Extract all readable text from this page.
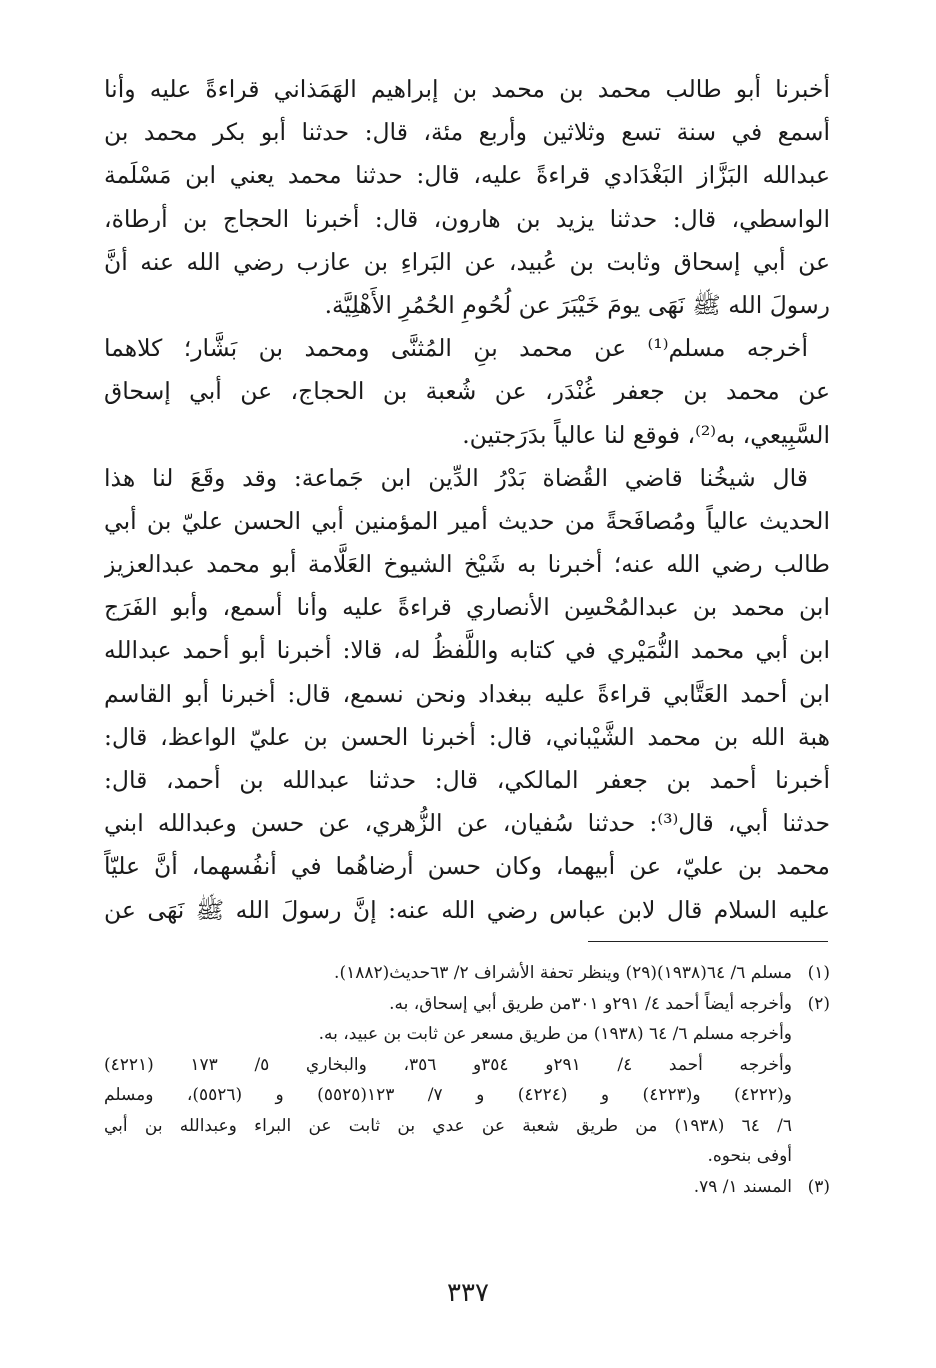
أخبرنا أبو طالب محمد بن محمد بن إبراهيم الهَمَذاني قراءةً عليه وأنا
أسمع في سنة تسع وثلاثين وأربع مئة، قال: حدثنا أبو بكر محمد بن
عبدالله البَزَّاز البَغْدَادي قراءةً عليه، قال: حدثنا محمد يعني ابن مَسْلَمة
الواسطي، قال: حدثنا يزيد بن هارون، قال: أخبرنا الحجاج بن أرطاة،
عن أبي إسحاق وثابت بن عُبيد، عن البَراءِ بن عازب رضي الله عنه أنَّ
رسولَ الله ﷺ نَهَى يومَ خَيْبَرَ عن لُحُومِ الحُمُرِ الأَهْلِيَّة.
أخرجه مسلم⁽¹⁾ عن محمد بنِ المُثنَّى ومحمد بن بَشَّار؛ كلاهما
عن محمد بن جعفر غُنْدَر، عن شُعبة بن الحجاج، عن أبي إسحاق
السَّبِيعي، به⁽²⁾، فوقع لنا عالياً بدَرَجتين.
قال شيخُنا قاضي القُضاة بَدْرُ الدِّين ابن جَماعة: وقد وقَعَ لنا هذا
الحديث عالياً ومُصافَحةً من حديث أمير المؤمنين أبي الحسن عليّ بن أبي
طالب رضي الله عنه؛ أخبرنا به شَيْخ الشيوخ العَلَّامة أبو محمد عبدالعزيز
ابن محمد بن عبدالمُحْسِن الأنصاري قراءةً عليه وأنا أسمع، وأبو الفَرَج
ابن أبي محمد النُّمَيْري في كتابه واللَّفظُ له، قالا: أخبرنا أبو أحمد عبدالله
ابن أحمد العَتَّابي قراءةً عليه ببغداد ونحن نسمع، قال: أخبرنا أبو القاسم
هبة الله بن محمد الشَّيْباني، قال: أخبرنا الحسن بن عليّ الواعظ، قال:
أخبرنا أحمد بن جعفر المالكي، قال: حدثنا عبدالله بن أحمد، قال:
حدثنا أبي، قال⁽³⁾: حدثنا سُفيان، عن الزُّهري، عن حسن وعبدالله ابني
محمد بن عليّ، عن أبيهما، وكان حسن أرضاهُما في أنفُسهما، أنَّ عليّاً
عليه السلام قال لابن عباس رضي الله عنه: إنَّ رسولَ الله ﷺ نَهَى عن
(١)مسلم ٦/ ٦٤(١٩٣٨)(٢٩) وينظر تحفة الأشراف ٢/ ٦٣حديث(١٨٨٢).
(٢)وأخرجه أيضاً أحمد ٤/ ٢٩١و ٣٠١من طريق أبي إسحاق، به.
وأخرجه مسلم ٦/ ٦٤ (١٩٣٨) من طريق مسعر عن ثابت بن عبيد، به.
وأخرجه أحمد ٤/ ٢٩١و ٣٥٤و ٣٥٦، والبخاري ٥/ ١٧٣ (٤٢٢١)
و(٤٢٢٢) و(٤٢٢٣) و (٤٢٢٤) و ٧/ ١٢٣(٥٥٢٥) و (٥٥٢٦)، ومسلم
٦/ ٦٤ (١٩٣٨) من طريق شعبة عن عدي بن ثابت عن البراء وعبدالله بن أبي
أوفى بنحوه.
(٣)المسند ١/ ٧٩.
٣٣٧
